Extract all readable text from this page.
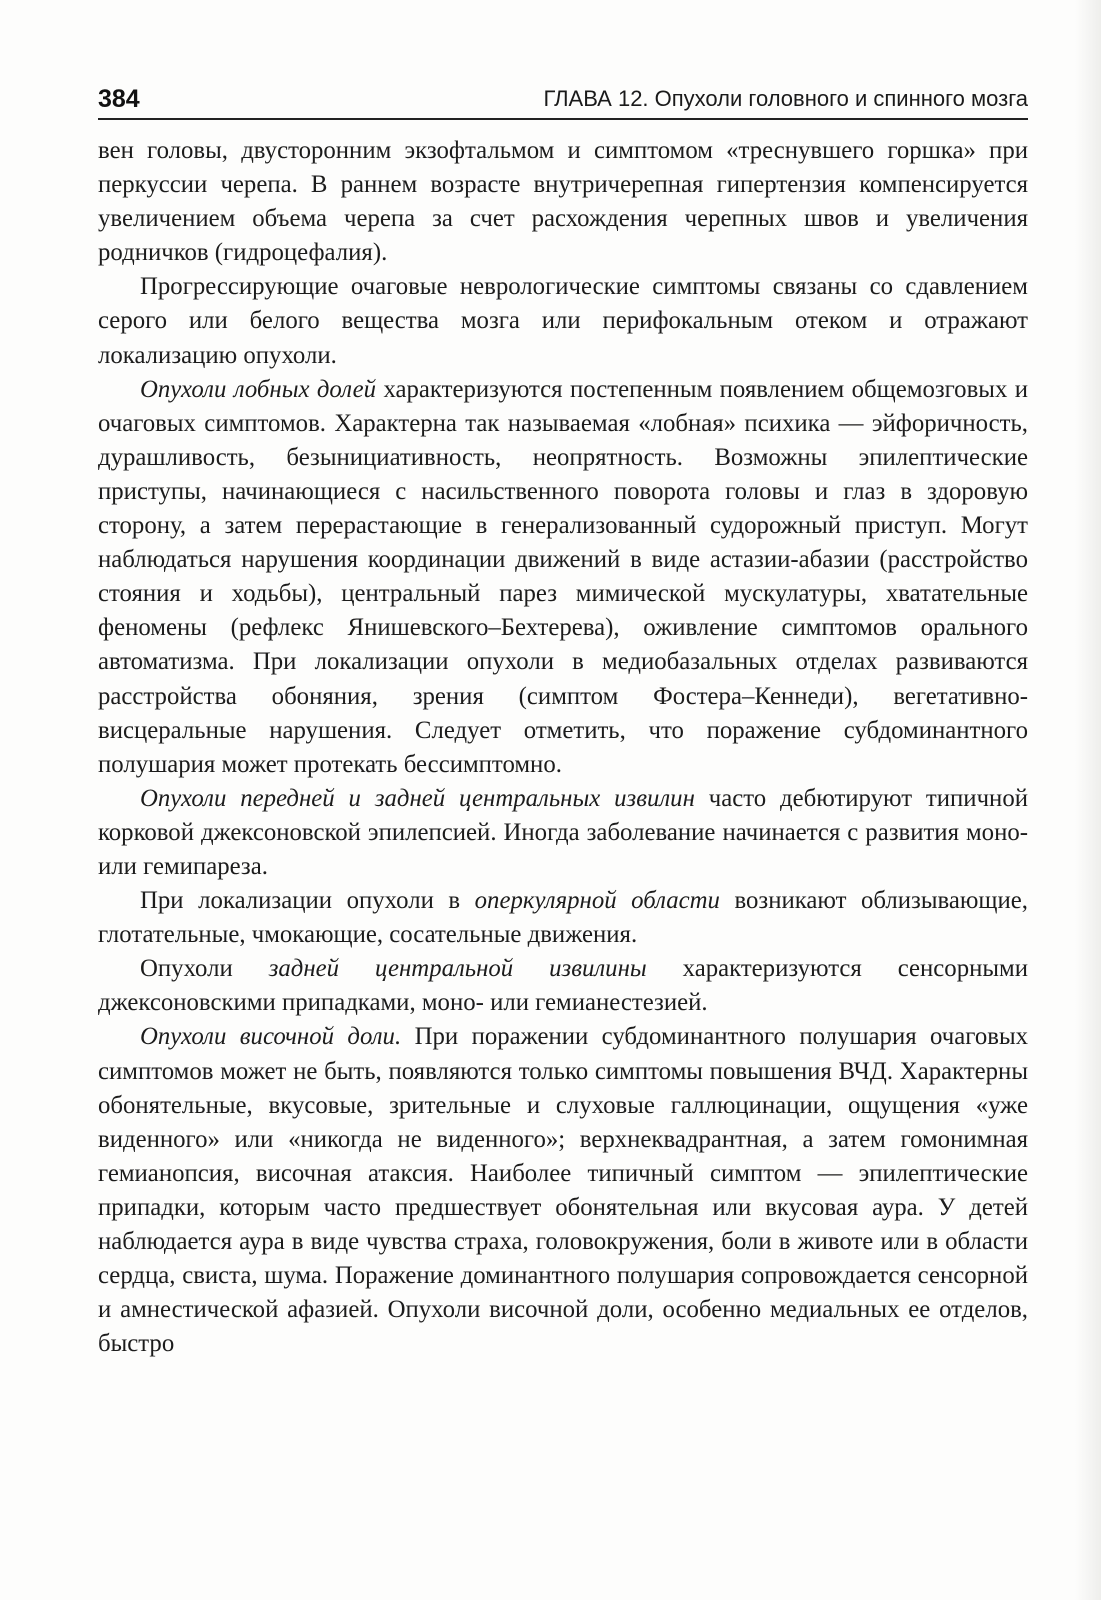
384	ГЛАВА 12. Опухоли головного и спинного мозга

вен головы, двусторонним экзофтальмом и симптомом «треснувшего горшка» при перкуссии черепа. В раннем возрасте внутричерепная гипертензия компенсируется увеличением объема черепа за счет расхождения черепных швов и увеличения родничков (гидроцефалия).

Прогрессирующие очаговые неврологические симптомы связаны со сдавлением серого или белого вещества мозга или перифокальным отеком и отражают локализацию опухоли.

Опухоли лобных долей характеризуются постепенным появлением общемозговых и очаговых симптомов. Характерна так называемая «лобная» психика — эйфоричность, дурашливость, безынициативность, неопрятность. Возможны эпилептические приступы, начинающиеся с насильственного поворота головы и глаз в здоровую сторону, а затем перерастающие в генерализованный судорожный приступ. Могут наблюдаться нарушения координации движений в виде астазии-абазии (расстройство стояния и ходьбы), центральный парез мимической мускулатуры, хватательные феномены (рефлекс Янишевского–Бехтерева), оживление симптомов орального автоматизма. При локализации опухоли в медиобазальных отделах развиваются расстройства обоняния, зрения (симптом Фостера–Кеннеди), вегетативно-висцеральные нарушения. Следует отметить, что поражение субдоминантного полушария может протекать бессимптомно.

Опухоли передней и задней центральных извилин часто дебютируют типичной корковой джексоновской эпилепсией. Иногда заболевание начинается с развития моно- или гемипареза.

При локализации опухоли в оперкулярной области возникают облизывающие, глотательные, чмокающие, сосательные движения.

Опухоли задней центральной извилины характеризуются сенсорными джексоновскими припадками, моно- или гемианестезией.

Опухоли височной доли. При поражении субдоминантного полушария очаговых симптомов может не быть, появляются только симптомы повышения ВЧД. Характерны обонятельные, вкусовые, зрительные и слуховые галлюцинации, ощущения «уже виденного» или «никогда не виденного»; верхнеквадрантная, а затем гомонимная гемианопсия, височная атаксия. Наиболее типичный симптом — эпилептические припадки, которым часто предшествует обонятельная или вкусовая аура. У детей наблюдается аура в виде чувства страха, головокружения, боли в животе или в области сердца, свиста, шума. Поражение доминантного полушария сопровождается сенсорной и амнестической афазией. Опухоли височной доли, особенно медиальных ее отделов, быстро
